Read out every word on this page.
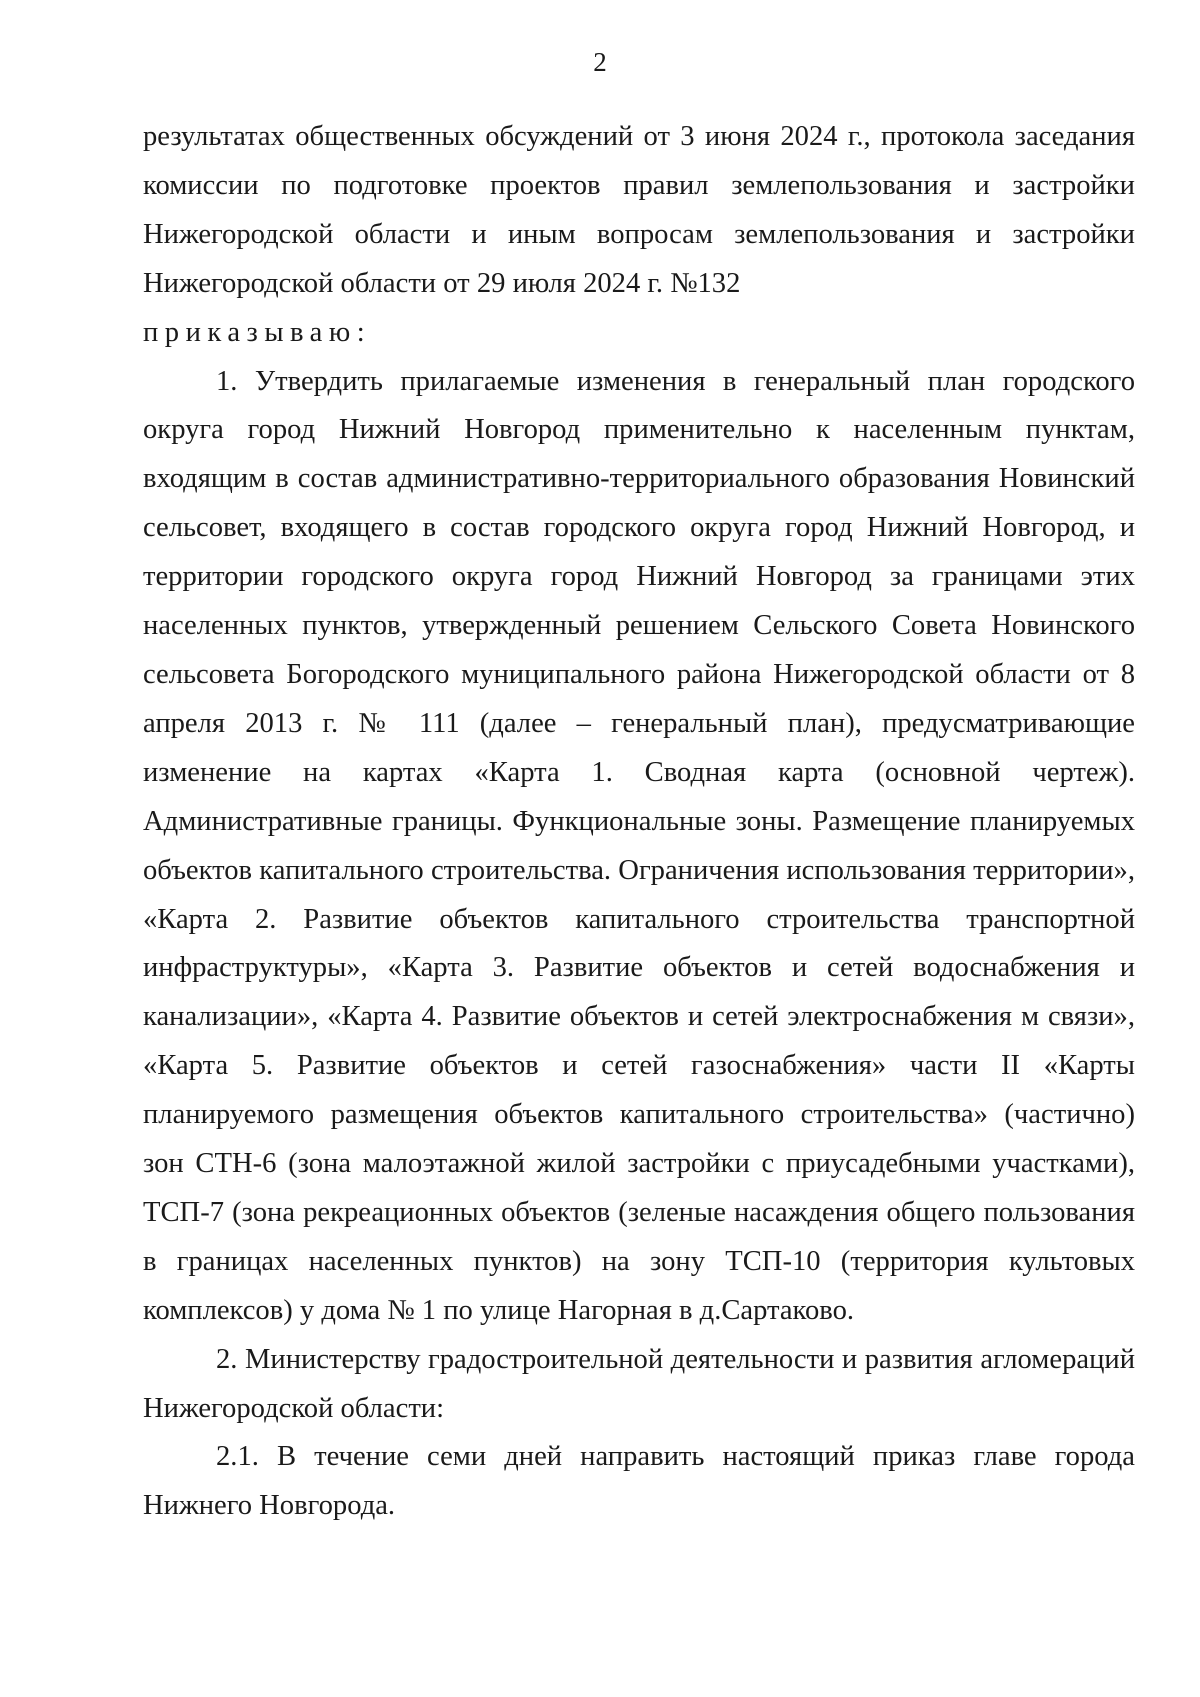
2

результатах общественных обсуждений от 3 июня 2024 г., протокола заседания комиссии по подготовке проектов правил землепользования и застройки Нижегородской области и иным вопросам землепользования и застройки Нижегородской области от 29 июля 2024 г. №132

приказываю:

1. Утвердить прилагаемые изменения в генеральный план городского округа город Нижний Новгород применительно к населенным пунктам, входящим в состав административно-территориального образования Новинский сельсовет, входящего в состав городского округа город Нижний Новгород, и территории городского округа город Нижний Новгород за границами этих населенных пунктов, утвержденный решением Сельского Совета Новинского сельсовета Богородского муниципального района Нижегородской области от 8 апреля 2013 г. № 111 (далее – генеральный план), предусматривающие изменение на картах «Карта 1. Сводная карта (основной чертеж). Административные границы. Функциональные зоны. Размещение планируемых объектов капитального строительства. Ограничения использования территории», «Карта 2. Развитие объектов капитального строительства транспортной инфраструктуры», «Карта 3. Развитие объектов и сетей водоснабжения и канализации», «Карта 4. Развитие объектов и сетей электроснабжения м связи», «Карта 5. Развитие объектов и сетей газоснабжения» части II «Карты планируемого размещения объектов капитального строительства» (частично) зон СТН-6 (зона малоэтажной жилой застройки с приусадебными участками), ТСП-7 (зона рекреационных объектов (зеленые насаждения общего пользования в границах населенных пунктов) на зону ТСП-10 (территория культовых комплексов) у дома № 1 по улице Нагорная в д.Сартаково.

2. Министерству градостроительной деятельности и развития агломераций Нижегородской области:

2.1. В течение семи дней направить настоящий приказ главе города Нижнего Новгорода.
